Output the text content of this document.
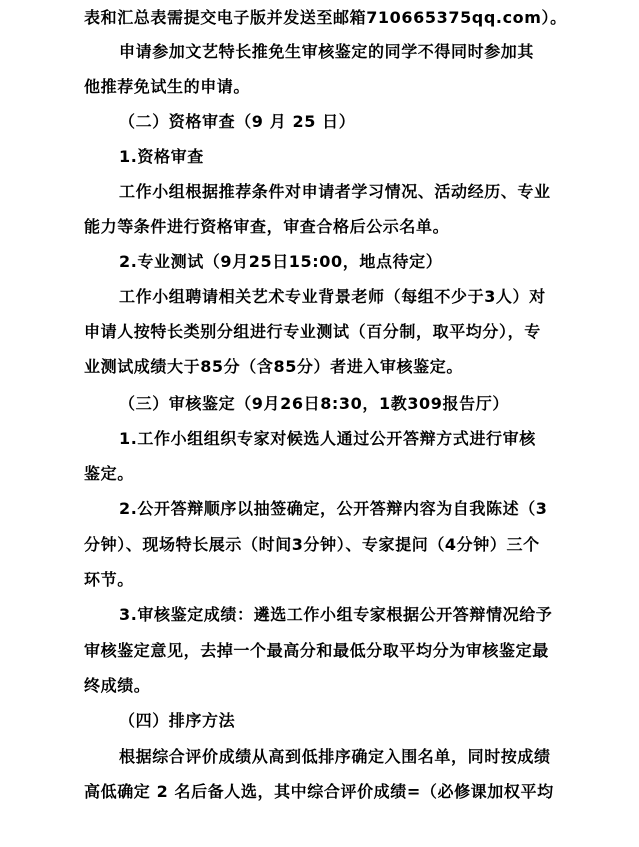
表和汇总表需提交电子版并发送至邮箱710665375qq.com）。
申请参加文艺特长推免生审核鉴定的同学不得同时参加其
他推荐免试生的申请。
（二）资格审查（9 月 25 日）
1.资格审查
工作小组根据推荐条件对申请者学习情况、活动经历、专业
能力等条件进行资格审查，审查合格后公示名单。
2.专业测试（9月25日15:00，地点待定）
工作小组聘请相关艺术专业背景老师（每组不少于3人）对
申请人按特长类别分组进行专业测试（百分制，取平均分），专
业测试成绩大于85分（含85分）者进入审核鉴定。
（三）审核鉴定（9月26日8:30，1教309报告厅）
1.工作小组组织专家对候选人通过公开答辩方式进行审核
鉴定。
2.公开答辩顺序以抽签确定，公开答辩内容为自我陈述（3
分钟）、现场特长展示（时间3分钟）、专家提问（4分钟）三个
环节。
3.审核鉴定成绩：遴选工作小组专家根据公开答辩情况给予
审核鉴定意见，去掉一个最高分和最低分取平均分为审核鉴定最
终成绩。
（四）排序方法
根据综合评价成绩从高到低排序确定入围名单，同时按成绩
高低确定 2 名后备人选，其中综合评价成绩=（必修课加权平均
